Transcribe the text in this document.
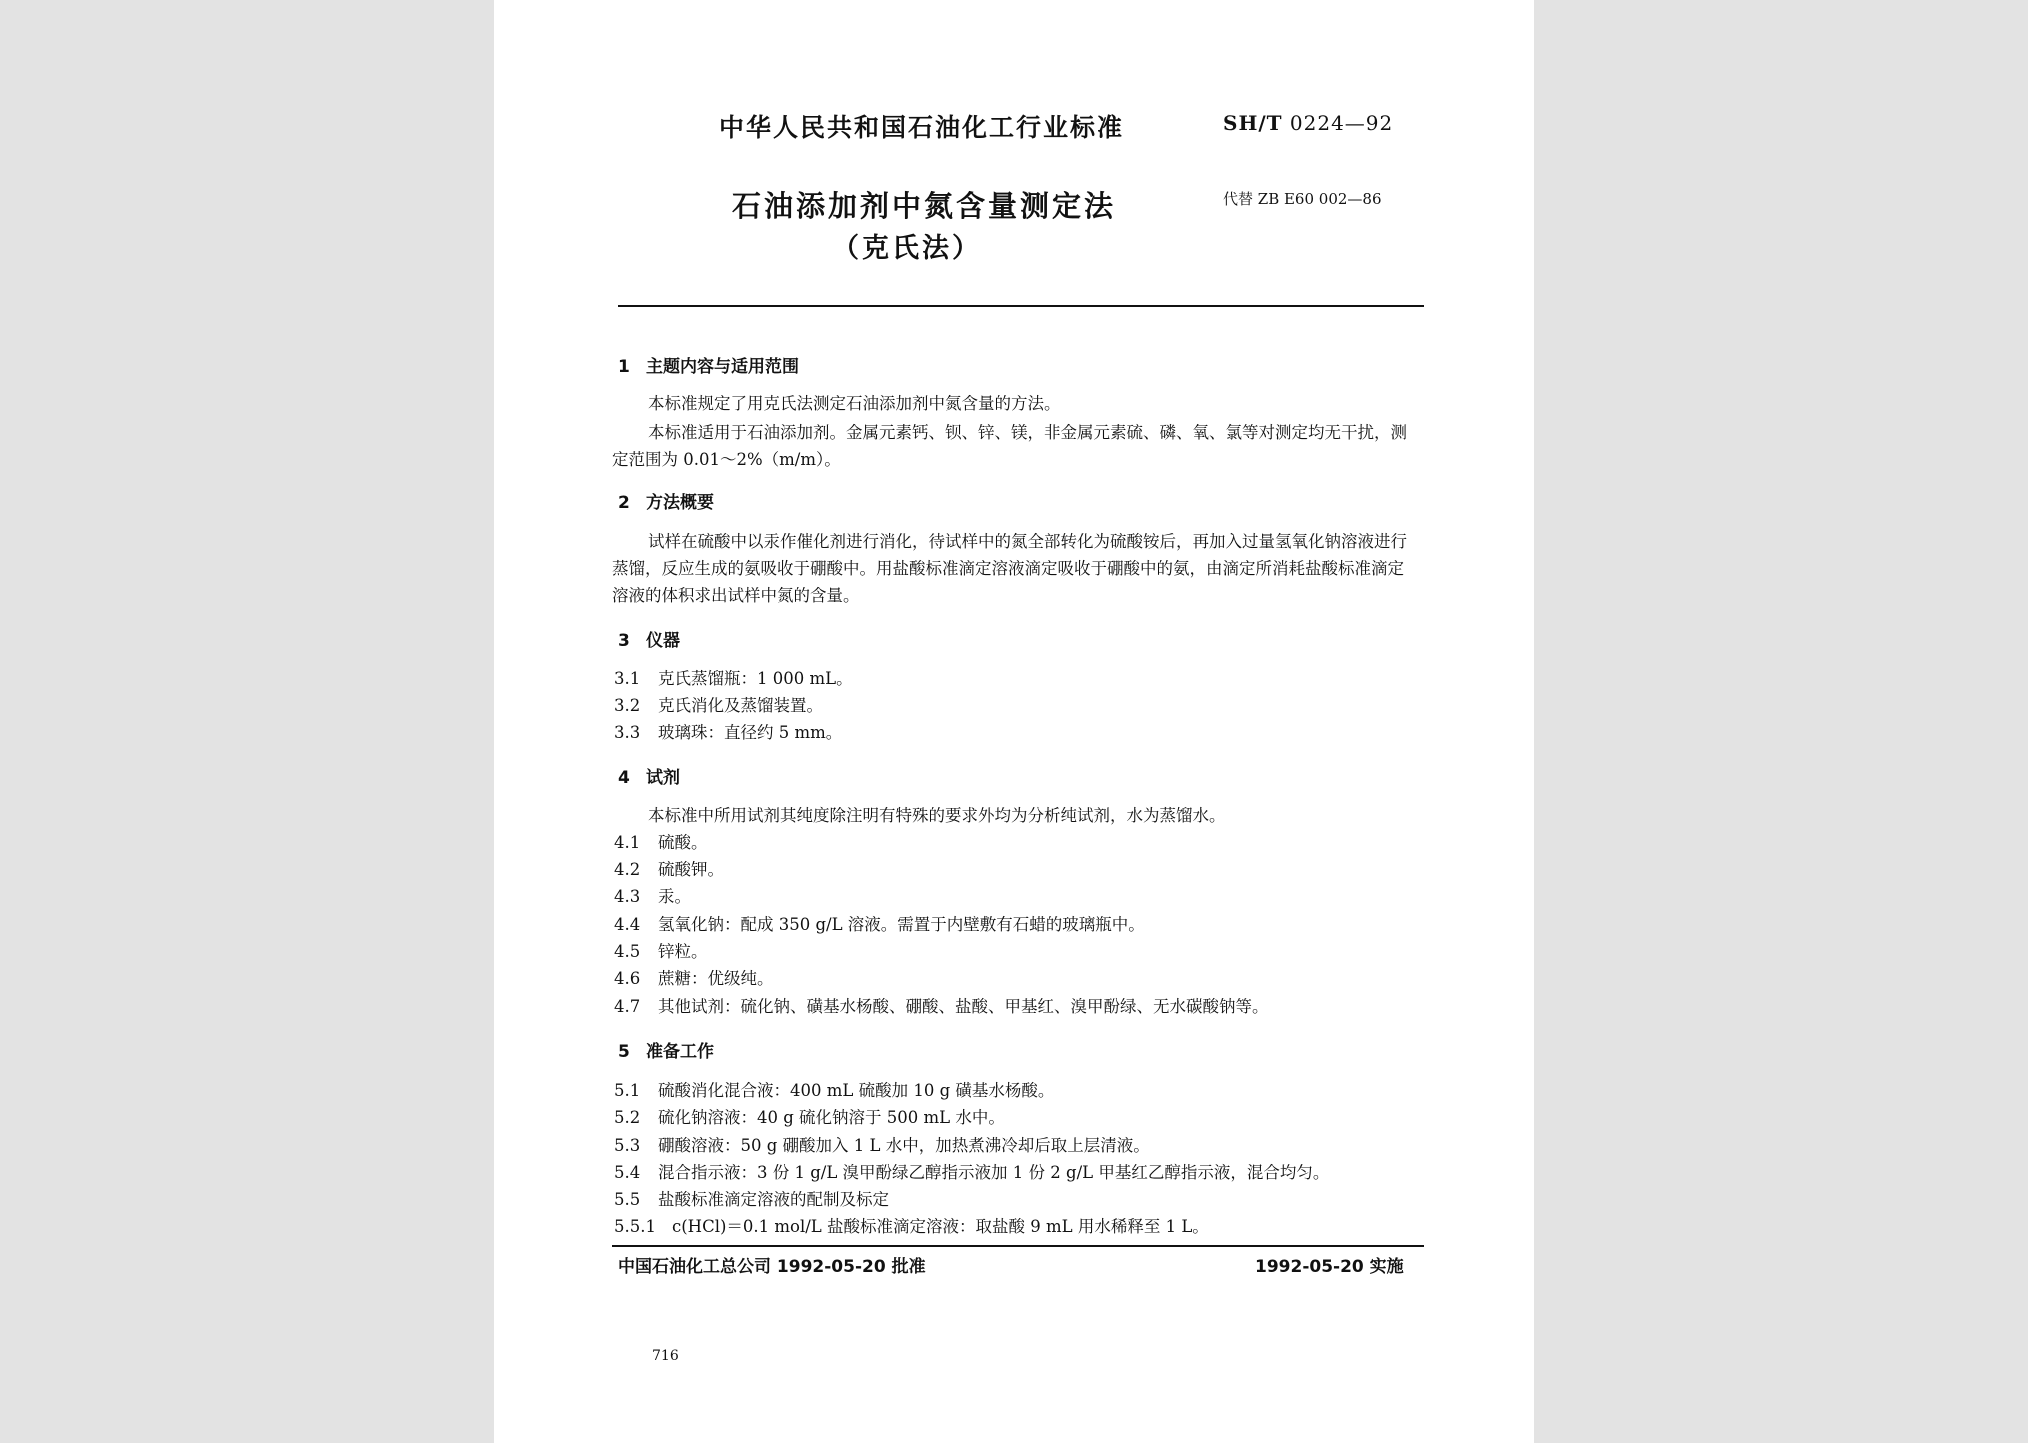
中华人民共和国石油化工行业标准	SH/T 0224—92
石油添加剂中氮含量测定法	代替 ZB E60 002—86
（克氏法）
1 主题内容与适用范围
本标准规定了用克氏法测定石油添加剂中氮含量的方法。
本标准适用于石油添加剂。金属元素钙、钡、锌、镁，非金属元素硫、磷、氧、氯等对测定均无干扰，测定范围为 0.01～2%（m/m）。
2 方法概要
试样在硫酸中以汞作催化剂进行消化，待试样中的氮全部转化为硫酸铵后，再加入过量氢氧化钠溶液进行蒸馏，反应生成的氨吸收于硼酸中。用盐酸标准滴定溶液滴定吸收于硼酸中的氨，由滴定所消耗盐酸标准滴定溶液的体积求出试样中氮的含量。
3 仪器
3.1 克氏蒸馏瓶：1 000 mL。
3.2 克氏消化及蒸馏装置。
3.3 玻璃珠：直径约 5 mm。
4 试剂
本标准中所用试剂其纯度除注明有特殊的要求外均为分析纯试剂，水为蒸馏水。
4.1 硫酸。
4.2 硫酸钾。
4.3 汞。
4.4 氢氧化钠：配成 350 g/L 溶液。需置于内壁敷有石蜡的玻璃瓶中。
4.5 锌粒。
4.6 蔗糖：优级纯。
4.7 其他试剂：硫化钠、磺基水杨酸、硼酸、盐酸、甲基红、溴甲酚绿、无水碳酸钠等。
5 准备工作
5.1 硫酸消化混合液：400 mL 硫酸加 10 g 磺基水杨酸。
5.2 硫化钠溶液：40 g 硫化钠溶于 500 mL 水中。
5.3 硼酸溶液：50 g 硼酸加入 1 L 水中，加热煮沸冷却后取上层清液。
5.4 混合指示液：3 份 1 g/L 溴甲酚绿乙醇指示液加 1 份 2 g/L 甲基红乙醇指示液，混合均匀。
5.5 盐酸标准滴定溶液的配制及标定
5.5.1 c(HCl)＝0.1 mol/L 盐酸标准滴定溶液：取盐酸 9 mL 用水稀释至 1 L。
中国石油化工总公司 1992-05-20 批准	1992-05-20 实施
716
